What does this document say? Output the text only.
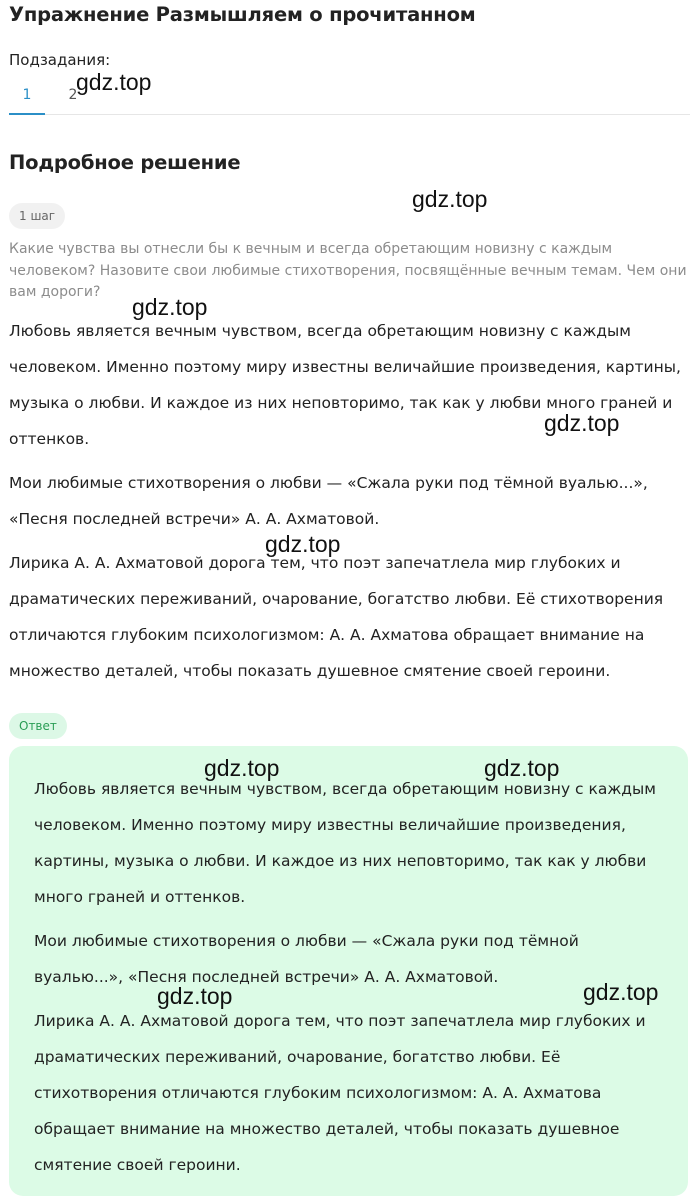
Упражнение Размышляем о прочитанном
Подзадания:
1	2
Подробное решение
1 шаг

Какие чувства вы отнесли бы к вечным и всегда обретающим новизну с каждым человеком? Назовите свои любимые стихотворения, посвящённые вечным темам. Чем они вам дороги?

Любовь является вечным чувством, всегда обретающим новизну с каждым человеком. Именно поэтому миру известны величайшие произведения, картины, музыка о любви. И каждое из них неповторимо, так как у любви много граней и оттенков.

Мои любимые стихотворения о любви — «Сжала руки под тёмной вуалью...», «Песня последней встречи» А. А. Ахматовой.

Лирика А. А. Ахматовой дорога тем, что поэт запечатлела мир глубоких и драматических переживаний, очарование, богатство любви. Её стихотворения отличаются глубоким психологизмом: А. А. Ахматова обращает внимание на множество деталей, чтобы показать душевное смятение своей героини.

Ответ

Любовь является вечным чувством, всегда обретающим новизну с каждым человеком. Именно поэтому миру известны величайшие произведения, картины, музыка о любви. И каждое из них неповторимо, так как у любви много граней и оттенков.

Мои любимые стихотворения о любви — «Сжала руки под тёмной вуалью...», «Песня последней встречи» А. А. Ахматовой.

Лирика А. А. Ахматовой дорога тем, что поэт запечатлела мир глубоких и драматических переживаний, очарование, богатство любви. Её стихотворения отличаются глубоким психологизмом: А. А. Ахматова обращает внимание на множество деталей, чтобы показать душевное смятение своей героини.

gdz.top
gdz.top
gdz.top
gdz.top
gdz.top
gdz.top	gdz.top
gdz.top	gdz.top
